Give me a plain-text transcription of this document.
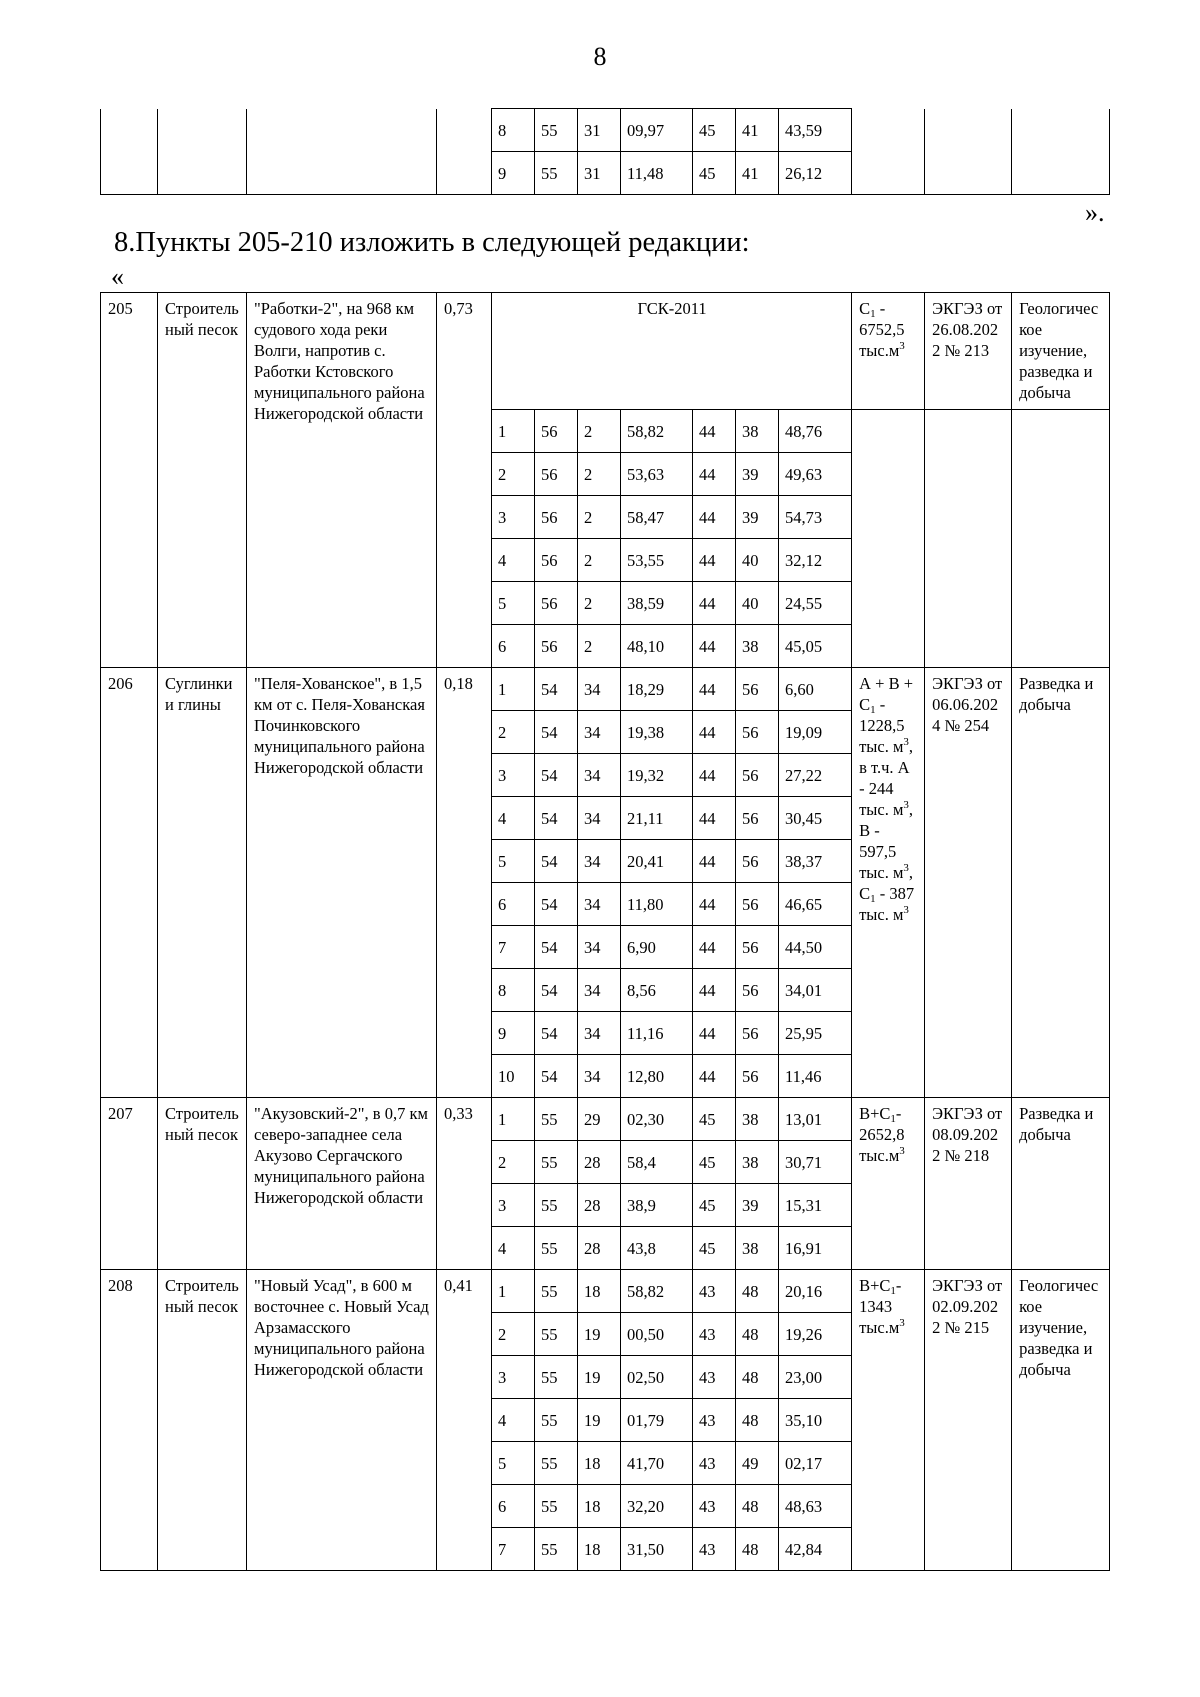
8
				8	55	31	09,97	45	41	43,59			
				9	55	31	11,48	45	41	26,12			
».
8.Пункты 205-210 изложить в следующей редакции:
«
205	Строительный песок	"Работки-2", на 968 км судового хода реки Волги, напротив с. Работки Кстовского муниципального района Нижегородской области	0,73	ГСК-2011							$C_1 - 6752,5$ $тыс.м^3$	ЭКГЭЗ от 26.08.2022 № 213	Геологическое изучение, разведка и добыча
				1	56	2	58,82	44	38	48,76			
				2	56	2	53,63	44	39	49,63			
				3	56	2	58,47	44	39	54,73			
				4	56	2	53,55	44	40	32,12			
				5	56	2	38,59	44	40	24,55			
				6	56	2	48,10	44	38	45,05			
206	Суглинки и глины	"Пеля-Хованское", в 1,5 км от с. Пеля-Хованская Починковского муниципального района Нижегородской области	0,18	1	54	34	18,29	44	56	6,60	$А + В + С_1 - 1228,5$ тыс. $м^3$, в т.ч. А - 244 тыс. $м^3$, В - 597,5 тыс. $м^3$, $С_1 - 387$ тыс. $м^3$	ЭКГЭЗ от 06.06.2024 № 254	Разведка и добыча
				2	54	34	19,38	44	56	19,09			
				3	54	34	19,32	44	56	27,22			
				4	54	34	21,11	44	56	30,45			
				5	54	34	20,41	44	56	38,37			
				6	54	34	11,80	44	56	46,65			
				7	54	34	6,90	44	56	44,50			
				8	54	34	8,56	44	56	34,01			
				9	54	34	11,16	44	56	25,95			
				10	54	34	12,80	44	56	11,46			
207	Строительный песок	"Акузовский-2", в 0,7 км северо-западнее села Акузово Сергачского муниципального района Нижегородской области	0,33	1	55	29	02,30	45	38	13,01	$В+С_1-2652,8$ $тыс.м^3$	ЭКГЭЗ от 08.09.2022 № 218	Разведка и добыча
				2	55	28	58,4	45	38	30,71			
				3	55	28	38,9	45	39	15,31			
				4	55	28	43,8	45	38	16,91			
208	Строительный песок	"Новый Усад", в 600 м восточнее с. Новый Усад Арзамасского муниципального района Нижегородской области	0,41	1	55	18	58,82	43	48	20,16	$В+С_1-1343$ $тыс.м^3$	ЭКГЭЗ от 02.09.2022 № 215	Геологическое изучение, разведка и добыча
				2	55	19	00,50	43	48	19,26			
				3	55	19	02,50	43	48	23,00			
				4	55	19	01,79	43	48	35,10			
				5	55	18	41,70	43	49	02,17			
				6	55	18	32,20	43	48	48,63			
				7	55	18	31,50	43	48	42,84			
